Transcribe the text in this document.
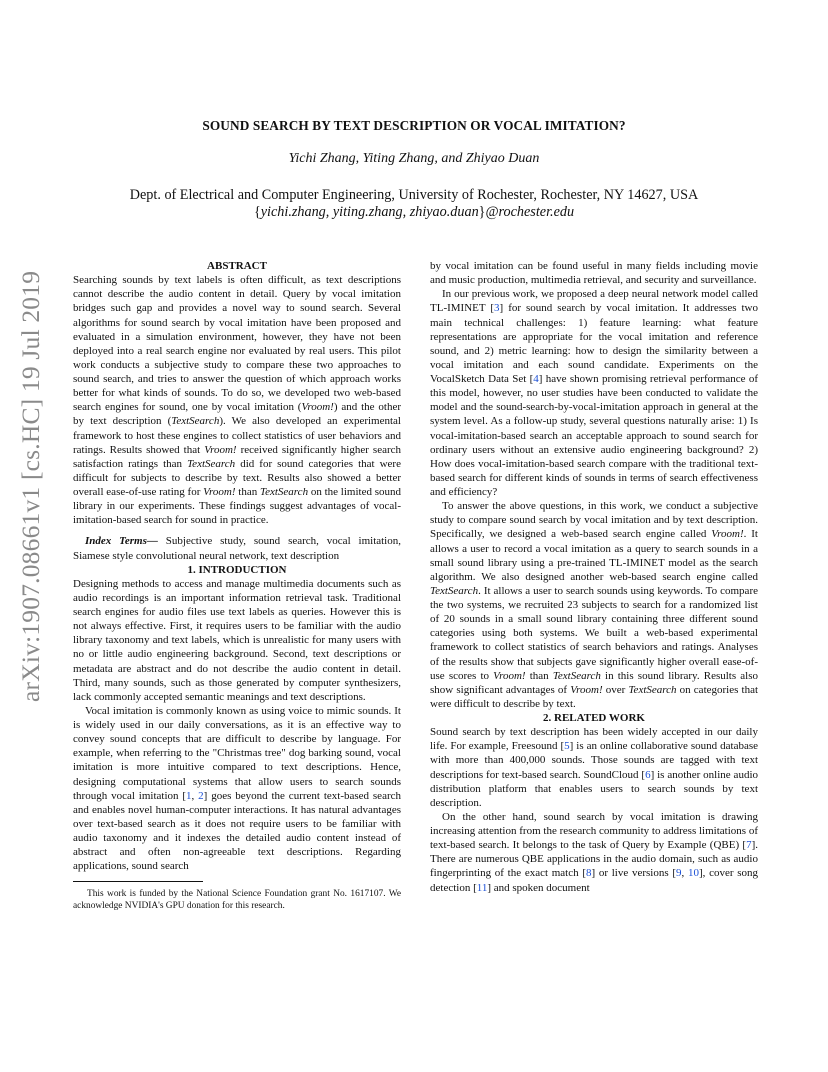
arXiv:1907.08661v1 [cs.HC] 19 Jul 2019
SOUND SEARCH BY TEXT DESCRIPTION OR VOCAL IMITATION?
Yichi Zhang, Yiting Zhang, and Zhiyao Duan
Dept. of Electrical and Computer Engineering, University of Rochester, Rochester, NY 14627, USA
{yichi.zhang, yiting.zhang, zhiyao.duan}@rochester.edu

ABSTRACT

Searching sounds by text labels is often difficult, as text descriptions cannot describe the audio content in detail. Query by vocal imitation bridges such gap and provides a novel way to sound search. Several algorithms for sound search by vocal imitation have been proposed and evaluated in a simulation environment, however, they have not been deployed into a real search engine nor evaluated by real users. This pilot work conducts a subjective study to compare these two approaches to sound search, and tries to answer the question of which approach works better for what kinds of sounds. To do so, we developed two web-based search engines for sound, one by vocal imitation (Vroom!) and the other by text description (TextSearch). We also developed an experimental framework to host these engines to collect statistics of user behaviors and ratings. Results showed that Vroom! received significantly higher search satisfaction ratings than TextSearch did for sound categories that were difficult for subjects to describe by text. Results also showed a better overall ease-of-use rating for Vroom! than TextSearch on the limited sound library in our experiments. These findings suggest advantages of vocal-imitation-based search for sound in practice.

Index Terms— Subjective study, sound search, vocal imitation, Siamese style convolutional neural network, text description

1. INTRODUCTION

Designing methods to access and manage multimedia documents such as audio recordings is an important information retrieval task. Traditional search engines for audio files use text labels as queries. However this is not always effective. First, it requires users to be familiar with the audio library taxonomy and text labels, which is unrealistic for many users with no or little audio engineering background. Second, text descriptions or metadata are abstract and do not describe the audio content in detail. Third, many sounds, such as those generated by computer synthesizers, lack commonly accepted semantic meanings and text descriptions.

Vocal imitation is commonly known as using voice to mimic sounds. It is widely used in our daily conversations, as it is an effective way to convey sound concepts that are difficult to describe by language. For example, when referring to the "Christmas tree" dog barking sound, vocal imitation is more intuitive compared to text descriptions. Hence, designing computational systems that allow users to search sounds through vocal imitation [1, 2] goes beyond the current text-based search and enables novel human-computer interactions. It has natural advantages over text-based search as it does not require users to be familiar with audio taxonomy and it indexes the detailed audio content instead of abstract and often non-agreeable text descriptions. Regarding applications, sound search

This work is funded by the National Science Foundation grant No. 1617107. We acknowledge NVIDIA's GPU donation for this research.

by vocal imitation can be found useful in many fields including movie and music production, multimedia retrieval, and security and surveillance.

In our previous work, we proposed a deep neural network model called TL-IMINET [3] for sound search by vocal imitation. It addresses two main technical challenges: 1) feature learning: what feature representations are appropriate for the vocal imitation and reference sound, and 2) metric learning: how to design the similarity between a vocal imitation and each sound candidate. Experiments on the VocalSketch Data Set [4] have shown promising retrieval performance of this model, however, no user studies have been conducted to validate the model and the sound-search-by-vocal-imitation approach in general at the system level. As a follow-up study, several questions naturally arise: 1) Is vocal-imitation-based search an acceptable approach to sound search for ordinary users without an extensive audio engineering background? 2) How does vocal-imitation-based search compare with the traditional text-based search for different kinds of sounds in terms of search effectiveness and efficiency?

To answer the above questions, in this work, we conduct a subjective study to compare sound search by vocal imitation and by text description. Specifically, we designed a web-based search engine called Vroom!. It allows a user to record a vocal imitation as a query to search sounds in a small sound library using a pre-trained TL-IMINET model as the search algorithm. We also designed another web-based search engine called TextSearch. It allows a user to search sounds using keywords. To compare the two systems, we recruited 23 subjects to search for a randomized list of 20 sounds in a small sound library containing three different sound categories using both systems. We built a web-based experimental framework to collect statistics of search behaviors and ratings. Analyses of the results show that subjects gave significantly higher overall ease-of-use scores to Vroom! than TextSearch in this sound library. Results also show significant advantages of Vroom! over TextSearch on categories that were difficult to describe by text.

2. RELATED WORK

Sound search by text description has been widely accepted in our daily life. For example, Freesound [5] is an online collaborative sound database with more than 400,000 sounds. Those sounds are tagged with text descriptions for text-based search. SoundCloud [6] is another online audio distribution platform that enables users to search sounds by text description.

On the other hand, sound search by vocal imitation is drawing increasing attention from the research community to address limitations of text-based search. It belongs to the task of Query by Example (QBE) [7]. There are numerous QBE applications in the audio domain, such as audio fingerprinting of the exact match [8] or live versions [9, 10], cover song detection [11] and spoken document
